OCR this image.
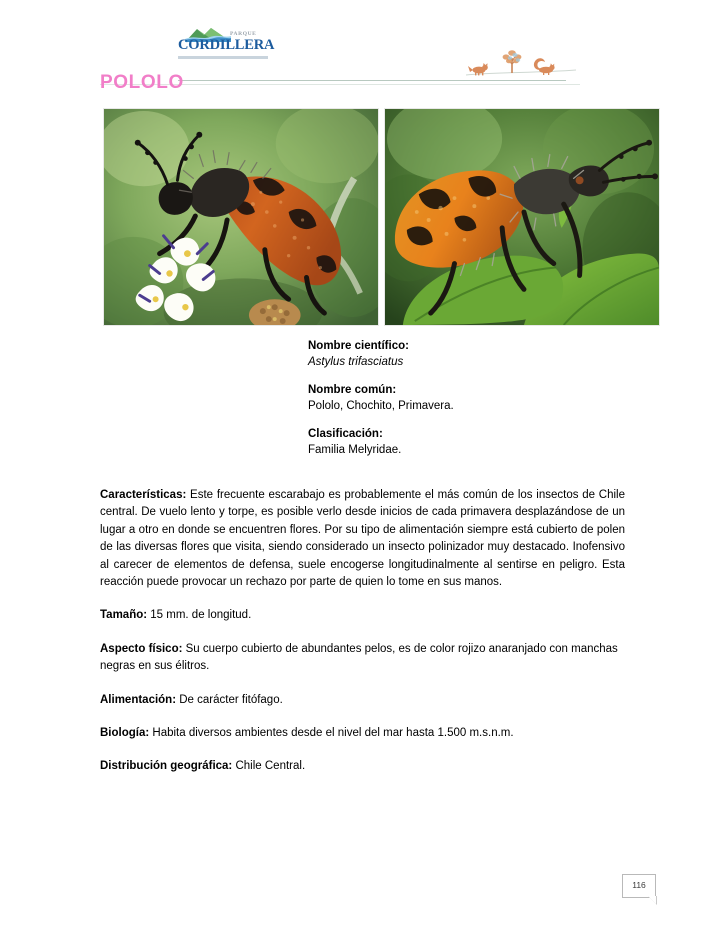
PARQUE
CORDILLERA
POLOLO
Nombre científico:
Astylus trifasciatus
Nombre común:
Pololo, Chochito, Primavera.
Clasificación:
Familia Melyridae.

Características: Este frecuente escarabajo es probablemente el más común de los insectos de Chile central. De vuelo lento y torpe, es posible verlo desde inicios de cada primavera desplazándose de un lugar a otro en donde se encuentren flores. Por su tipo de alimentación siempre está cubierto de polen de las diversas flores que visita, siendo considerado un insecto polinizador muy destacado. Inofensivo al carecer de elementos de defensa, suele encogerse longitudinalmente al sentirse en peligro. Esta reacción puede provocar un rechazo por parte de quien lo tome en sus manos.

Tamaño: 15 mm. de longitud.

Aspecto físico: Su cuerpo cubierto de abundantes pelos, es de color rojizo anaranjado con manchas negras en sus élitros.

Alimentación: De carácter fitófago.

Biología: Habita diversos ambientes desde el nivel del mar hasta 1.500 m.s.n.m.

Distribución geográfica: Chile Central.

116
